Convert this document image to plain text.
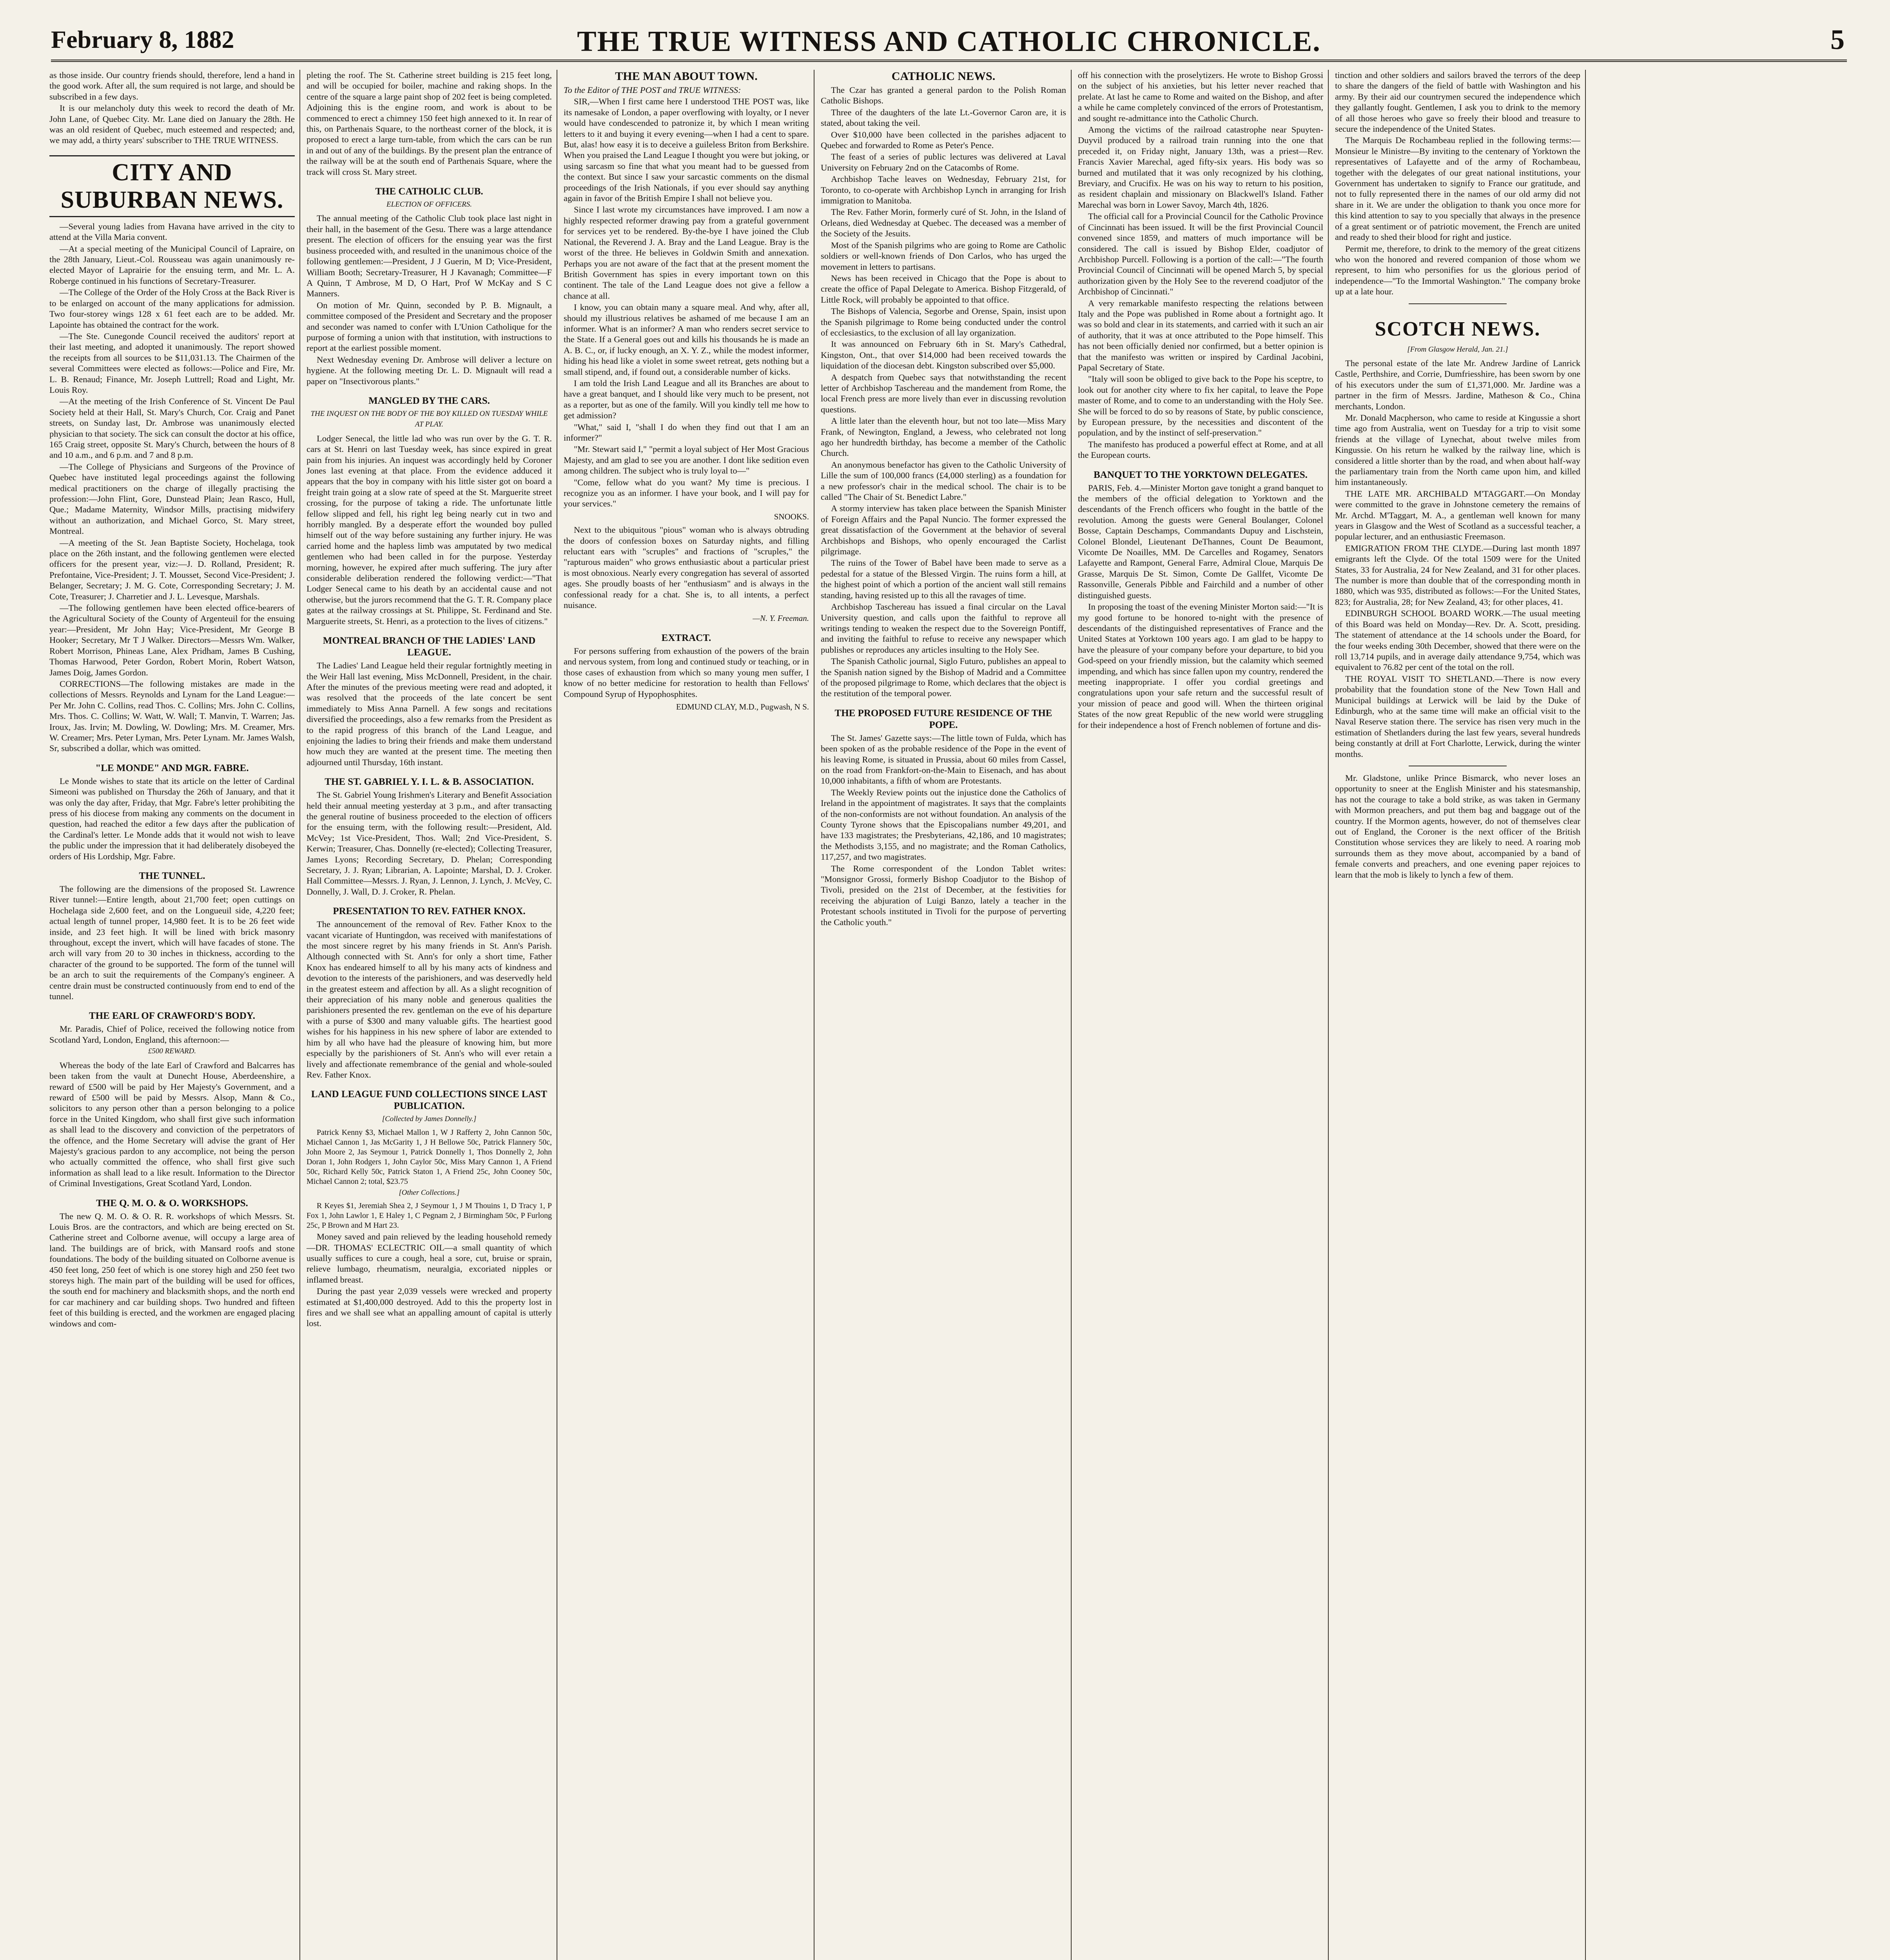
February 8, 1882	THE TRUE WITNESS AND CATHOLIC CHRONICLE.	5

as those inside. Our country friends should, therefore, lend a hand in the good work. After all, the sum required is not large, and should be subscribed in a few days.

It is our melancholy duty this week to record the death of Mr. John Lane, of Quebec City. Mr. Lane died on January the 28th. He was an old resident of Quebec, much esteemed and respected; and, we may add, a thirty years' subscriber to THE TRUE WITNESS.

CITY AND SUBURBAN NEWS.

—Several young ladies from Havana have arrived in the city to attend at the Villa Maria convent.

—At a special meeting of the Municipal Council of Lapraire, on the 28th January, Lieut.-Col. Rousseau was again unanimously re-elected Mayor of Laprairie for the ensuing term, and Mr. L. A. Roberge continued in his functions of Secretary-Treasurer.

—The College of the Order of the Holy Cross at the Back River is to be enlarged on account of the many applications for admission. Two four-storey wings 128 x 61 feet each are to be added. Mr. Lapointe has obtained the contract for the work.

—The Ste. Cunegonde Council received the auditors' report at their last meeting, and adopted it unanimously. The report showed the receipts from all sources to be $11,031.13. The Chairmen of the several Committees were elected as follows:—Police and Fire, Mr. L. B. Renaud; Finance, Mr. Joseph Luttrell; Road and Light, Mr. Louis Roy.

—At the meeting of the Irish Conference of St. Vincent De Paul Society held at their Hall, St. Mary's Church, Cor. Craig and Panet streets, on Sunday last, Dr. Ambrose was unanimously elected physician to that society. The sick can consult the doctor at his office, 165 Craig street, opposite St. Mary's Church, between the hours of 8 and 10 a.m., and 6 p.m. and 7 and 8 p.m.

—The College of Physicians and Surgeons of the Province of Quebec have instituted legal proceedings against the following medical practitioners on the charge of illegally practising the profession:—John Flint, Gore, Dunstead Plain; Jean Rasco, Hull, Que.; Madame Maternity, Windsor Mills, practising midwifery without an authorization, and Michael Gorco, St. Mary street, Montreal.

—A meeting of the St. Jean Baptiste Society, Hochelaga, took place on the 26th instant, and the following gentlemen were elected officers for the present year, viz:—J. D. Rolland, President; R. Prefontaine, Vice-President; J. T. Mousset, Second Vice-President; J. Belanger, Secretary; J. M. G. Cote, Corresponding Secretary; J. M. Cote, Treasurer; J. Charretier and J. L. Levesque, Marshals.

—The following gentlemen have been elected office-bearers of the Agricultural Society of the County of Argenteuil for the ensuing year:—President, Mr John Hay; Vice-President, Mr George B Hooker; Secretary, Mr T J Walker. Directors—Messrs Wm. Walker, Robert Morrison, Phineas Lane, Alex Pridham, James B Cushing, Thomas Harwood, Peter Gordon, Robert Morin, Robert Watson, James Doig, James Gordon.

CORRECTIONS—The following mistakes are made in the collections of Messrs. Reynolds and Lynam for the Land League:—Per Mr. John C. Collins, read Thos. C. Collins; Mrs. John C. Collins, Mrs. Thos. C. Collins; W. Watt, W. Wall; T. Manvin, T. Warren; Jas. Iroux, Jas. Irvin; M. Dowling, W. Dowling; Mrs. M. Creamer, Mrs. W. Creamer; Mrs. Peter Lyman, Mrs. Peter Lynam. Mr. James Walsh, Sr, subscribed a dollar, which was omitted.

"LE MONDE" AND MGR. FABRE.

Le Monde wishes to state that its article on the letter of Cardinal Simeoni was published on Thursday the 26th of January, and that it was only the day after, Friday, that Mgr. Fabre's letter prohibiting the press of his diocese from making any comments on the document in question, had reached the editor a few days after the publication of the Cardinal's letter. Le Monde adds that it would not wish to leave the public under the impression that it had deliberately disobeyed the orders of His Lordship, Mgr. Fabre.

THE TUNNEL.

The following are the dimensions of the proposed St. Lawrence River tunnel:—Entire length, about 21,700 feet; open cuttings on Hochelaga side 2,600 feet, and on the Longueuil side, 4,220 feet; actual length of tunnel proper, 14,980 feet. It is to be 26 feet wide inside, and 23 feet high. It will be lined with brick masonry throughout, except the invert, which will have facades of stone. The arch will vary from 20 to 30 inches in thickness, according to the character of the ground to be supported. The form of the tunnel will be an arch to suit the requirements of the Company's engineer. A centre drain must be constructed continuously from end to end of the tunnel.

THE EARL OF CRAWFORD'S BODY.

Mr. Paradis, Chief of Police, received the following notice from Scotland Yard, London, England, this afternoon:—

£500 REWARD.

Whereas the body of the late Earl of Crawford and Balcarres has been taken from the vault at Dunecht House, Aberdeenshire, a reward of £500 will be paid by Her Majesty's Government, and a reward of £500 will be paid by Messrs. Alsop, Mann & Co., solicitors to any person other than a person belonging to a police force in the United Kingdom, who shall first give such information as shall lead to the discovery and conviction of the perpetrators of the offence, and the Home Secretary will advise the grant of Her Majesty's gracious pardon to any accomplice, not being the person who actually committed the offence, who shall first give such information as shall lead to a like result. Information to the Director of Criminal Investigations, Great Scotland Yard, London.

THE Q. M. O. & O. WORKSHOPS.

The new Q. M. O. & O. R. R. workshops of which Messrs. St. Louis Bros. are the contractors, and which are being erected on St. Catherine street and Colborne avenue, will occupy a large area of land. The buildings are of brick, with Mansard roofs and stone foundations. The body of the building situated on Colborne avenue is 450 feet long, 250 feet of which is one storey high and 250 feet two storeys high. The main part of the building will be used for offices, the south end for machinery and blacksmith shops, and the north end for car machinery and car building shops. Two hundred and fifteen feet of this building is erected, and the workmen are engaged placing windows and com-

pleting the roof. The St. Catherine street building is 215 feet long, and will be occupied for boiler, machine and raking shops. In the centre of the square a large paint shop of 202 feet is being completed. Adjoining this is the engine room, and work is about to be commenced to erect a chimney 150 feet high annexed to it. In rear of this, on Parthenais Square, to the northeast corner of the block, it is proposed to erect a large turn-table, from which the cars can be run in and out of any of the buildings. By the present plan the entrance of the railway will be at the south end of Parthenais Square, where the track will cross St. Mary street.

THE CATHOLIC CLUB.
ELECTION OF OFFICERS.

The annual meeting of the Catholic Club took place last night in their hall, in the basement of the Gesu. There was a large attendance present. The election of officers for the ensuing year was the first business proceeded with, and resulted in the unanimous choice of the following gentlemen:—President, J J Guerin, M D; Vice-President, William Booth; Secretary-Treasurer, H J Kavanagh; Committee—F A Quinn, T Ambrose, M D, O Hart, Prof W McKay and S C Manners.

On motion of Mr. Quinn, seconded by P. B. Mignault, a committee composed of the President and Secretary and the proposer and seconder was named to confer with L'Union Catholique for the purpose of forming a union with that institution, with instructions to report at the earliest possible moment.

Next Wednesday evening Dr. Ambrose will deliver a lecture on hygiene. At the following meeting Dr. L. D. Mignault will read a paper on "Insectivorous plants."

MANGLED BY THE CARS.
THE INQUEST ON THE BODY OF THE BOY KILLED ON TUESDAY WHILE AT PLAY.

Lodger Senecal, the little lad who was run over by the G. T. R. cars at St. Henri on last Tuesday week, has since expired in great pain from his injuries. An inquest was accordingly held by Coroner Jones last evening at that place. From the evidence adduced it appears that the boy in company with his little sister got on board a freight train going at a slow rate of speed at the St. Marguerite street crossing, for the purpose of taking a ride. The unfortunate little fellow slipped and fell, his right leg being nearly cut in two and horribly mangled. By a desperate effort the wounded boy pulled himself out of the way before sustaining any further injury. He was carried home and the hapless limb was amputated by two medical gentlemen who had been called in for the purpose. Yesterday morning, however, he expired after much suffering. The jury after considerable deliberation rendered the following verdict:—"That Lodger Senecal came to his death by an accidental cause and not otherwise, but the jurors recommend that the G. T. R. Company place gates at the railway crossings at St. Philippe, St. Ferdinand and Ste. Marguerite streets, St. Henri, as a protection to the lives of citizens."

MONTREAL BRANCH OF THE LADIES' LAND LEAGUE.

The Ladies' Land League held their regular fortnightly meeting in the Weir Hall last evening, Miss McDonnell, President, in the chair. After the minutes of the previous meeting were read and adopted, it was resolved that the proceeds of the late concert be sent immediately to Miss Anna Parnell. A few songs and recitations diversified the proceedings, also a few remarks from the President as to the rapid progress of this branch of the Land League, and enjoining the ladies to bring their friends and make them understand how much they are wanted at the present time. The meeting then adjourned until Thursday, 16th instant.

THE ST. GABRIEL Y. I. L. & B. ASSOCIATION.

The St. Gabriel Young Irishmen's Literary and Benefit Association held their annual meeting yesterday at 3 p.m., and after transacting the general routine of business proceeded to the election of officers for the ensuing term, with the following result:—President, Ald. McVey; 1st Vice-President, Thos. Wall; 2nd Vice-President, S. Kerwin; Treasurer, Chas. Donnelly (re-elected); Collecting Treasurer, James Lyons; Recording Secretary, D. Phelan; Corresponding Secretary, J. J. Ryan; Librarian, A. Lapointe; Marshal, D. J. Croker. Hall Committee—Messrs. J. Ryan, J. Lennon, J. Lynch, J. McVey, C. Donnelly, J. Wall, D. J. Croker, R. Phelan.

PRESENTATION TO REV. FATHER KNOX.

The announcement of the removal of Rev. Father Knox to the vacant vicariate of Huntingdon, was received with manifestations of the most sincere regret by his many friends in St. Ann's Parish. Although connected with St. Ann's for only a short time, Father Knox has endeared himself to all by his many acts of kindness and devotion to the interests of the parishioners, and was deservedly held in the greatest esteem and affection by all. As a slight recognition of their appreciation of his many noble and generous qualities the parishioners presented the rev. gentleman on the eve of his departure with a purse of $300 and many valuable gifts. The heartiest good wishes for his happiness in his new sphere of labor are extended to him by all who have had the pleasure of knowing him, but more especially by the parishioners of St. Ann's who will ever retain a lively and affectionate remembrance of the genial and whole-souled Rev. Father Knox.

LAND LEAGUE FUND COLLECTIONS SINCE LAST PUBLICATION.
[Collected by James Donnelly.]

Patrick Kenny $3, Michael Mallon 1, W J Rafferty 2, John Cannon 50c, Michael Cannon 1, Jas McGarity 1, J H Bellowe 50c, Patrick Flannery 50c, John Moore 2, Jas Seymour 1, Patrick Donnelly 1, Thos Donnelly 2, John Doran 1, John Rodgers 1, John Caylor 50c, Miss Mary Cannon 1, A Friend 50c, Richard Kelly 50c, Patrick Staton 1, A Friend 25c, John Cooney 50c, Michael Cannon 2; total, $23.75

[Other Collections.]

R Keyes $1, Jeremiah Shea 2, J Seymour 1, J M Thouins 1, D Tracy 1, P Fox 1, John Lawlor 1, E Haley 1, C Pegnam 2, J Birmingham 50c, P Furlong 25c, P Brown and M Hart 23.

Money saved and pain relieved by the leading household remedy—DR. THOMAS' ECLECTRIC OIL—a small quantity of which usually suffices to cure a cough, heal a sore, cut, bruise or sprain, relieve lumbago, rheumatism, neuralgia, excoriated nipples or inflamed breast.

During the past year 2,039 vessels were wrecked and property estimated at $1,400,000 destroyed. Add to this the property lost in fires and we shall see what an appalling amount of capital is utterly lost.

THE MAN ABOUT TOWN.

To the Editor of THE POST and TRUE WITNESS:

SIR,—When I first came here I understood THE POST was, like its namesake of London, a paper overflowing with loyalty, or I never would have condescended to patronize it, by which I mean writing letters to it and buying it every evening—when I had a cent to spare. But, alas! how easy it is to deceive a guileless Briton from Berkshire. When you praised the Land League I thought you were but joking, or using sarcasm so fine that what you meant had to be guessed from the context. But since I saw your sarcastic comments on the dismal proceedings of the Irish Nationals, if you ever should say anything again in favor of the British Empire I shall not believe you.

Since I last wrote my circumstances have improved. I am now a highly respected reformer drawing pay from a grateful government for services yet to be rendered. By-the-bye I have joined the Club National, the Reverend J. A. Bray and the Land League. Bray is the worst of the three. He believes in Goldwin Smith and annexation. Perhaps you are not aware of the fact that at the present moment the British Government has spies in every important town on this continent. The tale of the Land League does not give a fellow a chance at all.

I know, you can obtain many a square meal. And why, after all, should my illustrious relatives be ashamed of me because I am an informer. What is an informer? A man who renders secret service to the State. If a General goes out and kills his thousands he is made an A. B. C., or, if lucky enough, an X. Y. Z., while the modest informer, hiding his head like a violet in some sweet retreat, gets nothing but a small stipend, and, if found out, a considerable number of kicks.

I am told the Irish Land League and all its Branches are about to have a great banquet, and I should like very much to be present, not as a reporter, but as one of the family. Will you kindly tell me how to get admission?

"What," said I, "shall I do when they find out that I am an informer?"

"Mr. Stewart said I," "permit a loyal subject of Her Most Gracious Majesty, and am glad to see you are another. I dont like sedition even among children. The subject who is truly loyal to—"

"Come, fellow what do you want? My time is precious. I recognize you as an informer. I have your book, and I will pay for your services."

SNOOKS.

Next to the ubiquitous "pious" woman who is always obtruding the doors of confession boxes on Saturday nights, and filling reluctant ears with "scruples" and fractions of "scruples," the "rapturous maiden" who grows enthusiastic about a particular priest is most obnoxious. Nearly every congregation has several of assorted ages. She proudly boasts of her "enthusiasm" and is always in the confessional ready for a chat. She is, to all intents, a perfect nuisance.

—N. Y. Freeman.
EXTRACT.

For persons suffering from exhaustion of the powers of the brain and nervous system, from long and continued study or teaching, or in those cases of exhaustion from which so many young men suffer, I know of no better medicine for restoration to health than Fellows' Compound Syrup of Hypophosphites.

EDMUND CLAY, M.D., Pugwash, N S.
CATHOLIC NEWS.

The Czar has granted a general pardon to the Polish Roman Catholic Bishops.

Three of the daughters of the late Lt.-Governor Caron are, it is stated, about taking the veil.

Over $10,000 have been collected in the parishes adjacent to Quebec and forwarded to Rome as Peter's Pence.

The feast of a series of public lectures was delivered at Laval University on February 2nd on the Catacombs of Rome.

Archbishop Tache leaves on Wednesday, February 21st, for Toronto, to co-operate with Archbishop Lynch in arranging for Irish immigration to Manitoba.

The Rev. Father Morin, formerly curé of St. John, in the Island of Orleans, died Wednesday at Quebec. The deceased was a member of the Society of the Jesuits.

Most of the Spanish pilgrims who are going to Rome are Catholic soldiers or well-known friends of Don Carlos, who has urged the movement in letters to partisans.

News has been received in Chicago that the Pope is about to create the office of Papal Delegate to America. Bishop Fitzgerald, of Little Rock, will probably be appointed to that office.

The Bishops of Valencia, Segorbe and Orense, Spain, insist upon the Spanish pilgrimage to Rome being conducted under the control of ecclesiastics, to the exclusion of all lay organization.

It was announced on February 6th in St. Mary's Cathedral, Kingston, Ont., that over $14,000 had been received towards the liquidation of the diocesan debt. Kingston subscribed over $5,000.

A despatch from Quebec says that notwithstanding the recent letter of Archbishop Taschereau and the mandement from Rome, the local French press are more lively than ever in discussing revolution questions.

A little later than the eleventh hour, but not too late—Miss Mary Frank, of Newington, England, a Jewess, who celebrated not long ago her hundredth birthday, has become a member of the Catholic Church.

An anonymous benefactor has given to the Catholic University of Lille the sum of 100,000 francs (£4,000 sterling) as a foundation for a new professor's chair in the medical school. The chair is to be called "The Chair of St. Benedict Labre."

A stormy interview has taken place between the Spanish Minister of Foreign Affairs and the Papal Nuncio. The former expressed the great dissatisfaction of the Government at the behavior of several Archbishops and Bishops, who openly encouraged the Carlist pilgrimage.

The ruins of the Tower of Babel have been made to serve as a pedestal for a statue of the Blessed Virgin. The ruins form a hill, at the highest point of which a portion of the ancient wall still remains standing, having resisted up to this all the ravages of time.

Archbishop Taschereau has issued a final circular on the Laval University question, and calls upon the faithful to reprove all writings tending to weaken the respect due to the Sovereign Pontiff, and inviting the faithful to refuse to receive any newspaper which publishes or reproduces any articles insulting to the Holy See.

The Spanish Catholic journal, Siglo Futuro, publishes an appeal to the Spanish nation signed by the Bishop of Madrid and a Committee of the proposed pilgrimage to Rome, which declares that the object is the restitution of the temporal power.

THE PROPOSED FUTURE RESIDENCE OF THE POPE.

The St. James' Gazette says:—The little town of Fulda, which has been spoken of as the probable residence of the Pope in the event of his leaving Rome, is situated in Prussia, about 60 miles from Cassel, on the road from Frankfort-on-the-Main to Eisenach, and has about 10,000 inhabitants, a fifth of whom are Protestants.

The Weekly Review points out the injustice done the Catholics of Ireland in the appointment of magistrates. It says that the complaints of the non-conformists are not without foundation. An analysis of the County Tyrone shows that the Episcopalians number 49,201, and have 133 magistrates; the Presbyterians, 42,186, and 10 magistrates; the Methodists 3,155, and no magistrate; and the Roman Catholics, 117,257, and two magistrates.

The Rome correspondent of the London Tablet writes: "Monsignor Grossi, formerly Bishop Coadjutor to the Bishop of Tivoli, presided on the 21st of December, at the festivities for receiving the abjuration of Luigi Banzo, lately a teacher in the Protestant schools instituted in Tivoli for the purpose of perverting the Catholic youth."

off his connection with the proselytizers. He wrote to Bishop Grossi on the subject of his anxieties, but his letter never reached that prelate. At last he came to Rome and waited on the Bishop, and after a while he came completely convinced of the errors of Protestantism, and sought re-admittance into the Catholic Church.

Among the victims of the railroad catastrophe near Spuyten-Duyvil produced by a railroad train running into the one that preceded it, on Friday night, January 13th, was a priest—Rev. Francis Xavier Marechal, aged fifty-six years. His body was so burned and mutilated that it was only recognized by his clothing, Breviary, and Crucifix. He was on his way to return to his position, as resident chaplain and missionary on Blackwell's Island. Father Marechal was born in Lower Savoy, March 4th, 1826.

The official call for a Provincial Council for the Catholic Province of Cincinnati has been issued. It will be the first Provincial Council convened since 1859, and matters of much importance will be considered. The call is issued by Bishop Elder, coadjutor of Archbishop Purcell. Following is a portion of the call:—"The fourth Provincial Council of Cincinnati will be opened March 5, by special authorization given by the Holy See to the reverend coadjutor of the Archbishop of Cincinnati."

A very remarkable manifesto respecting the relations between Italy and the Pope was published in Rome about a fortnight ago. It was so bold and clear in its statements, and carried with it such an air of authority, that it was at once attributed to the Pope himself. This has not been officially denied nor confirmed, but a better opinion is that the manifesto was written or inspired by Cardinal Jacobini, Papal Secretary of State.

"Italy will soon be obliged to give back to the Pope his sceptre, to look out for another city where to fix her capital, to leave the Pope master of Rome, and to come to an understanding with the Holy See. She will be forced to do so by reasons of State, by public conscience, by European pressure, by the necessities and discontent of the population, and by the instinct of self-preservation."

The manifesto has produced a powerful effect at Rome, and at all the European courts.

BANQUET TO THE YORKTOWN DELEGATES.

PARIS, Feb. 4.—Minister Morton gave tonight a grand banquet to the members of the official delegation to Yorktown and the descendants of the French officers who fought in the battle of the revolution. Among the guests were General Boulanger, Colonel Bosse, Captain Deschamps, Commandants Dupuy and Lischstein, Colonel Blondel, Lieutenant DeThannes, Count De Beaumont, Vicomte De Noailles, MM. De Carcelles and Rogamey, Senators Lafayette and Rampont, General Farre, Admiral Cloue, Marquis De Grasse, Marquis De St. Simon, Comte De Gallfet, Vicomte De Rassonville, Generals Pibble and Fairchild and a number of other distinguished guests.

In proposing the toast of the evening Minister Morton said:—"It is my good fortune to be honored to-night with the presence of descendants of the distinguished representatives of France and the United States at Yorktown 100 years ago. I am glad to be happy to have the pleasure of your company before your departure, to bid you God-speed on your friendly mission, but the calamity which seemed impending, and which has since fallen upon my country, rendered the meeting inappropriate. I offer you cordial greetings and congratulations upon your safe return and the successful result of your mission of peace and good will. When the thirteen original States of the now great Republic of the new world were struggling for their independence a host of French noblemen of fortune and dis-

tinction and other soldiers and sailors braved the terrors of the deep to share the dangers of the field of battle with Washington and his army. By their aid our countrymen secured the independence which they gallantly fought. Gentlemen, I ask you to drink to the memory of all those heroes who gave so freely their blood and treasure to secure the independence of the United States.

The Marquis De Rochambeau replied in the following terms:—Monsieur le Ministre—By inviting to the centenary of Yorktown the representatives of Lafayette and of the army of Rochambeau, together with the delegates of our great national institutions, your Government has undertaken to signify to France our gratitude, and not to fully represented there in the names of our old army did not share in it. We are under the obligation to thank you once more for this kind attention to say to you specially that always in the presence of a great sentiment or of patriotic movement, the French are united and ready to shed their blood for right and justice.

Permit me, therefore, to drink to the memory of the great citizens who won the honored and revered companion of those whom we represent, to him who personifies for us the glorious period of independence—"To the Immortal Washington." The company broke up at a late hour.

SCOTCH NEWS.
[From Glasgow Herald, Jan. 21.]

The personal estate of the late Mr. Andrew Jardine of Lanrick Castle, Perthshire, and Corrie, Dumfriesshire, has been sworn by one of his executors under the sum of £1,371,000. Mr. Jardine was a partner in the firm of Messrs. Jardine, Matheson & Co., China merchants, London.

Mr. Donald Macpherson, who came to reside at Kingussie a short time ago from Australia, went on Tuesday for a trip to visit some friends at the village of Lynechat, about twelve miles from Kingussie. On his return he walked by the railway line, which is considered a little shorter than by the road, and when about half-way the parliamentary train from the North came upon him, and killed him instantaneously.

THE LATE MR. ARCHIBALD M'TAGGART.—On Monday were committed to the grave in Johnstone cemetery the remains of Mr. Archd. M'Taggart, M. A., a gentleman well known for many years in Glasgow and the West of Scotland as a successful teacher, a popular lecturer, and an enthusiastic Freemason.

EMIGRATION FROM THE CLYDE.—During last month 1897 emigrants left the Clyde. Of the total 1509 were for the United States, 33 for Australia, 24 for New Zealand, and 31 for other places. The number is more than double that of the corresponding month in 1880, which was 935, distributed as follows:—For the United States, 823; for Australia, 28; for New Zealand, 43; for other places, 41.

EDINBURGH SCHOOL BOARD WORK.—The usual meeting of this Board was held on Monday—Rev. Dr. A. Scott, presiding. The statement of attendance at the 14 schools under the Board, for the four weeks ending 30th December, showed that there were on the roll 13,714 pupils, and in average daily attendance 9,754, which was equivalent to 76.82 per cent of the total on the roll.

THE ROYAL VISIT TO SHETLAND.—There is now every probability that the foundation stone of the New Town Hall and Municipal buildings at Lerwick will be laid by the Duke of Edinburgh, who at the same time will make an official visit to the Naval Reserve station there. The service has risen very much in the estimation of Shetlanders during the last few years, several hundreds being constantly at drill at Fort Charlotte, Lerwick, during the winter months.

Mr. Gladstone, unlike Prince Bismarck, who never loses an opportunity to sneer at the English Minister and his statesmanship, has not the courage to take a bold strike, as was taken in Germany with Mormon preachers, and put them bag and baggage out of the country. If the Mormon agents, however, do not of themselves clear out of England, the Coroner is the next officer of the British Constitution whose services they are likely to need. A roaring mob surrounds them as they move about, accompanied by a band of female converts and preachers, and one evening paper rejoices to learn that the mob is likely to lynch a few of them.
